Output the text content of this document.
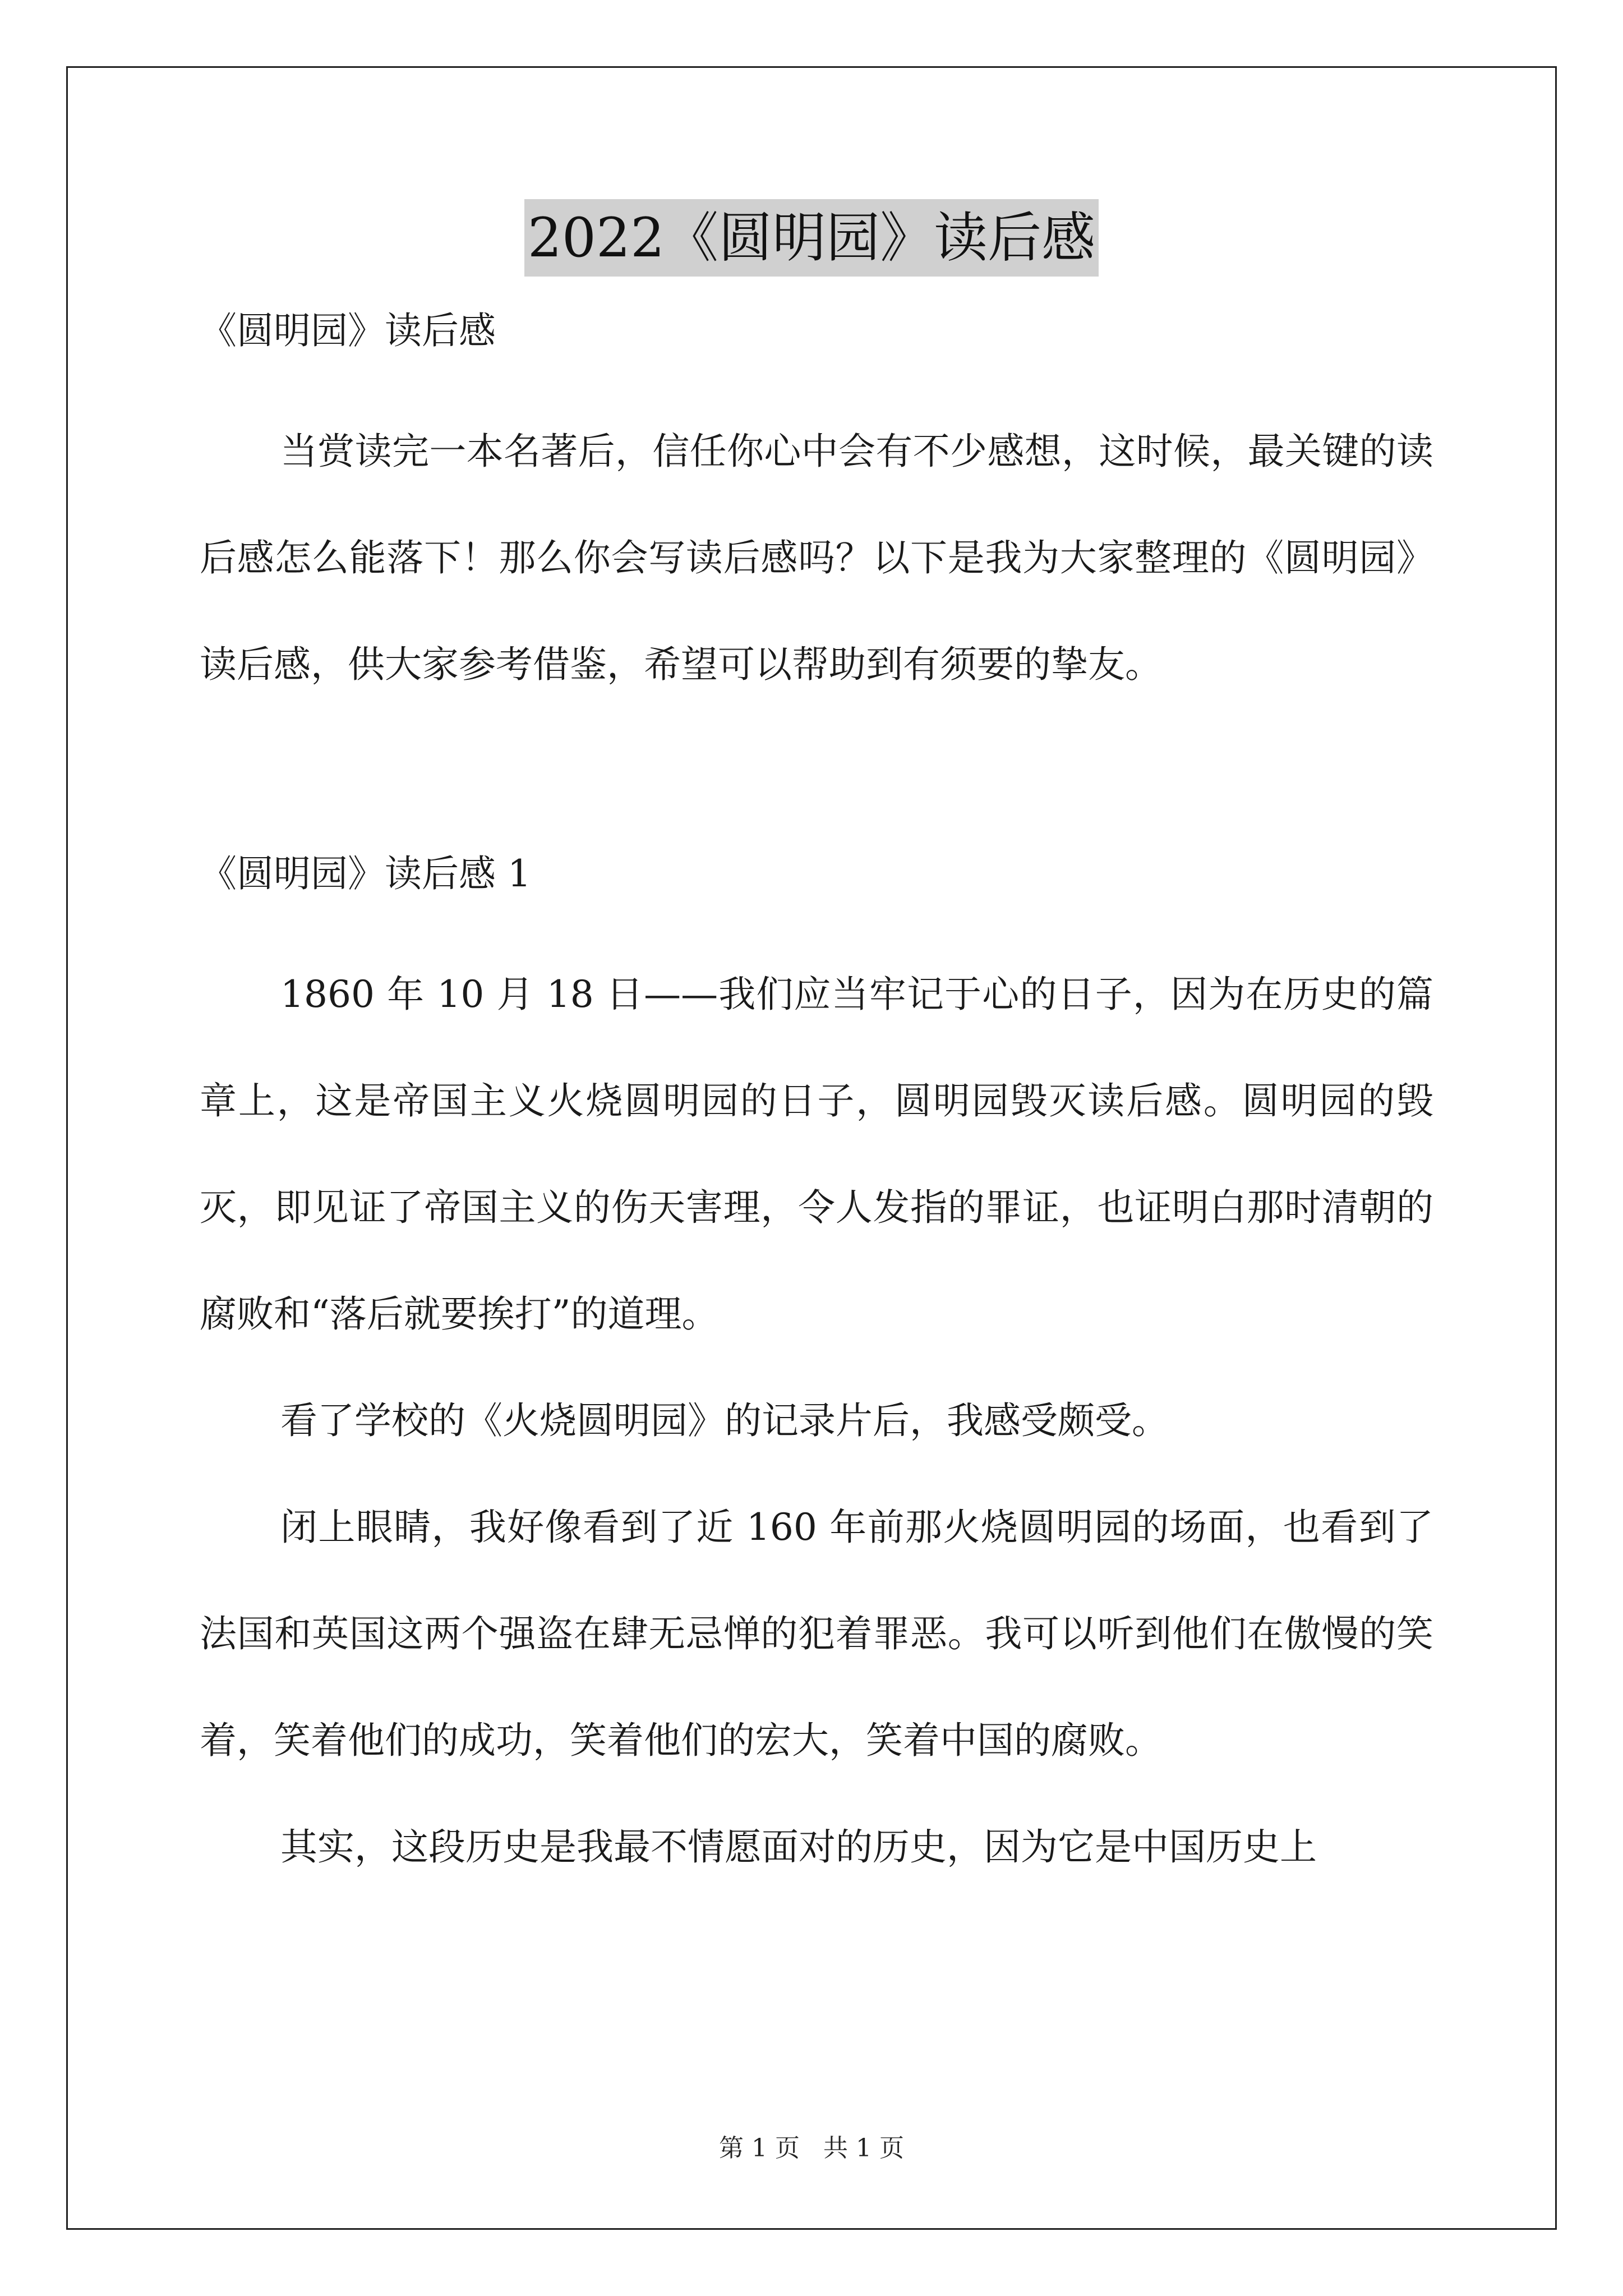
2022《圆明园》读后感

《圆明园》读后感

当赏读完一本名著后，信任你心中会有不少感想，这时候，最关键的读后感怎么能落下！那么你会写读后感吗？以下是我为大家整理的《圆明园》读后感，供大家参考借鉴，希望可以帮助到有须要的挚友。

《圆明园》读后感 1

1860 年 10 月 18 日——我们应当牢记于心的日子，因为在历史的篇章上，这是帝国主义火烧圆明园的日子，圆明园毁灭读后感。圆明园的毁灭，即见证了帝国主义的伤天害理，令人发指的罪证，也证明白那时清朝的腐败和“落后就要挨打”的道理。

看了学校的《火烧圆明园》的记录片后，我感受颇受。

闭上眼睛，我好像看到了近 160 年前那火烧圆明园的场面，也看到了法国和英国这两个强盗在肆无忌惮的犯着罪恶。我可以听到他们在傲慢的笑着，笑着他们的成功，笑着他们的宏大，笑着中国的腐败。

其实，这段历史是我最不情愿面对的历史，因为它是中国历史上

第 1 页 共 1 页
